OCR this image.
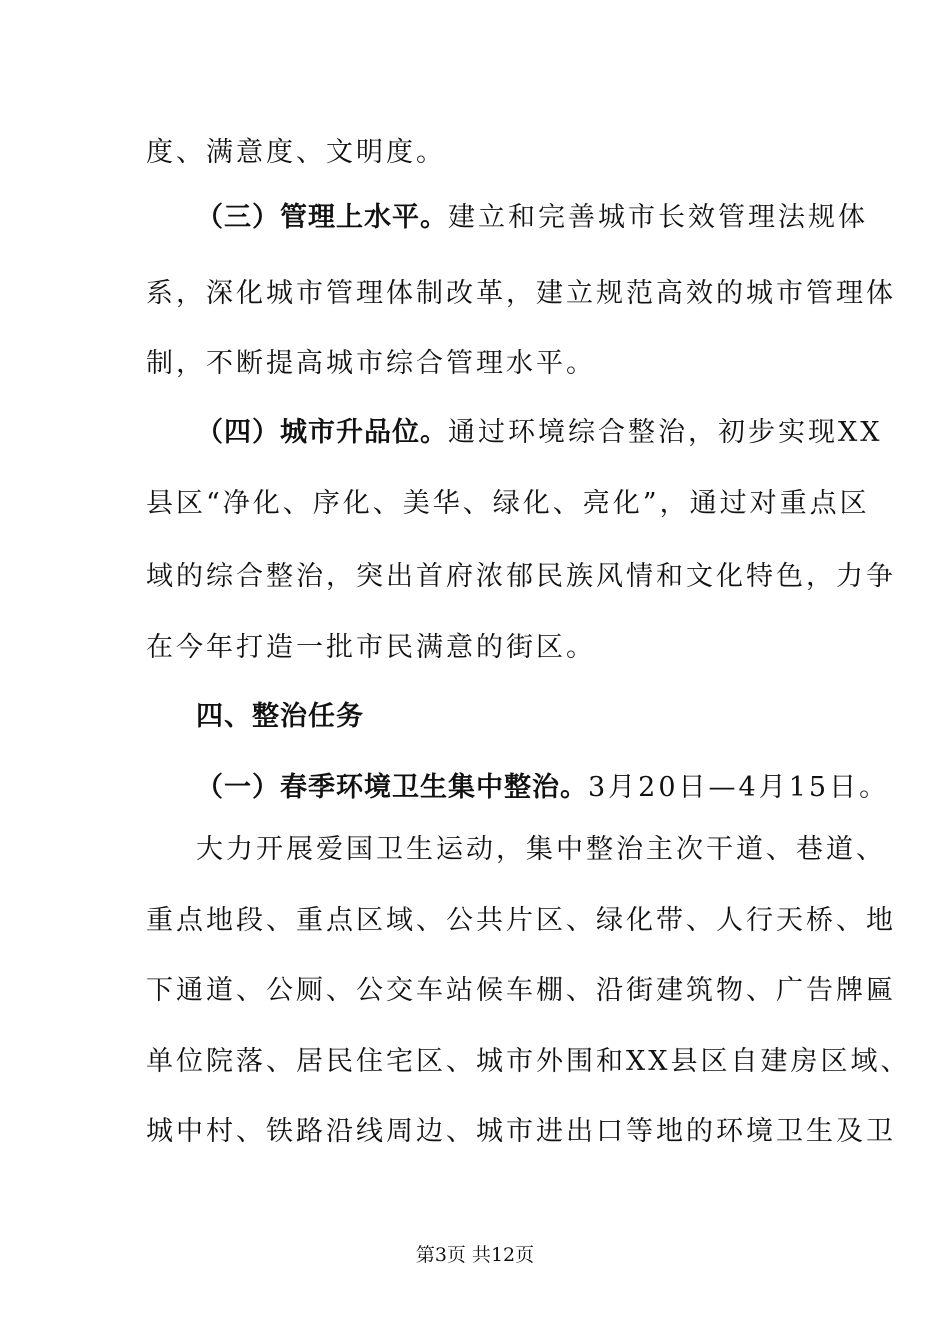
度、满意度、文明度。
（三）管理上水平。建立和完善城市长效管理法规体
系，深化城市管理体制改革，建立规范高效的城市管理体
制，不断提高城市综合管理水平。
（四）城市升品位。通过环境综合整治，初步实现XX
县区“净化、序化、美华、绿化、亮化”，通过对重点区
域的综合整治，突出首府浓郁民族风情和文化特色，力争
在今年打造一批市民满意的街区。
四、整治任务
（一）春季环境卫生集中整治。3月20日—4月15日。
大力开展爱国卫生运动，集中整治主次干道、巷道、
重点地段、重点区域、公共片区、绿化带、人行天桥、地
下通道、公厕、公交车站候车棚、沿街建筑物、广告牌匾
单位院落、居民住宅区、城市外围和XX县区自建房区域、
城中村、铁路沿线周边、城市进出口等地的环境卫生及卫
第3页 共12页
